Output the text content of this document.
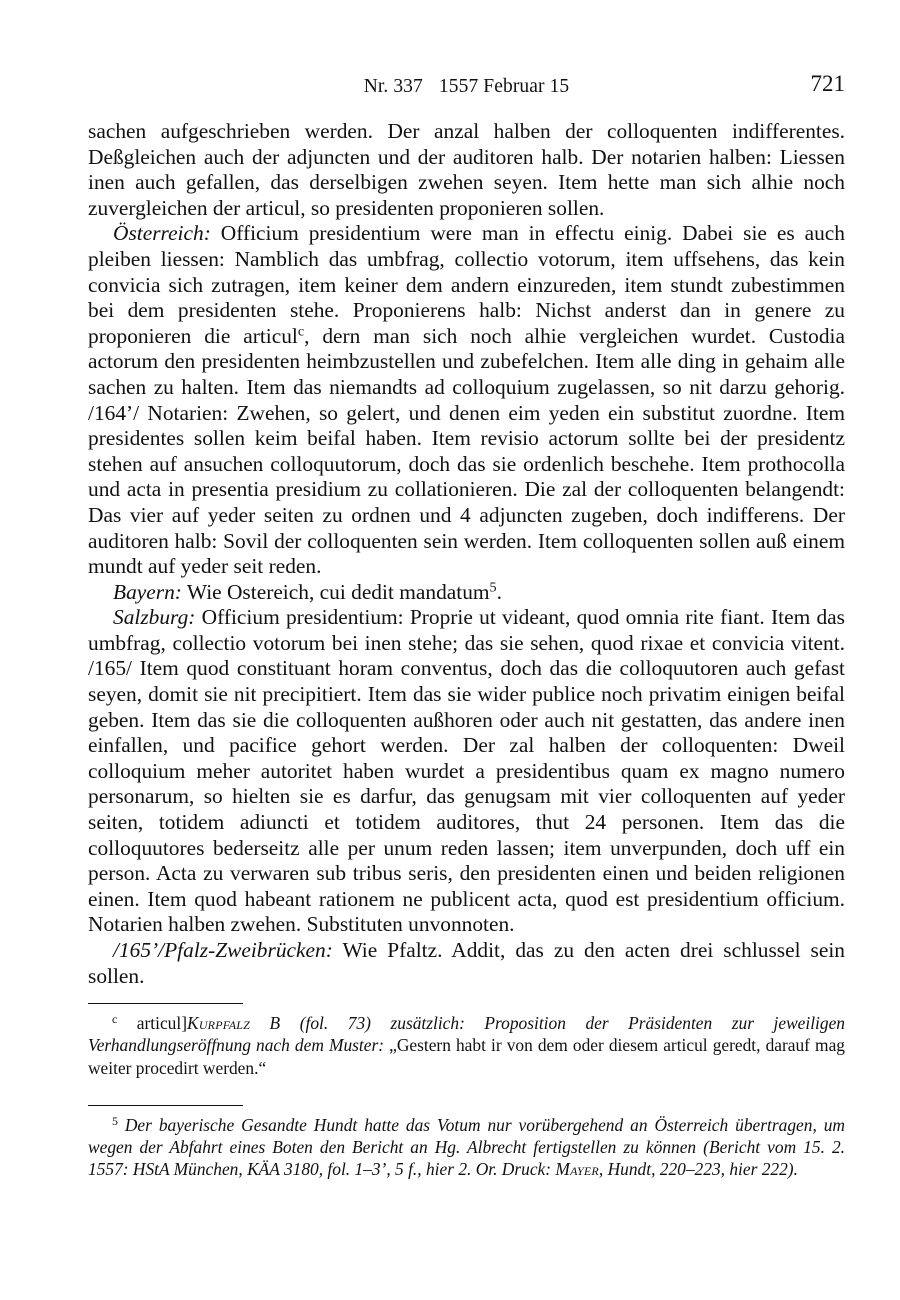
Nr. 337 1557 Februar 15	721

sachen aufgeschrieben werden. Der anzal halben der colloquenten indifferentes. Deßgleichen auch der adjuncten und der auditoren halb. Der notarien halben: Liessen inen auch gefallen, das derselbigen zwehen seyen. Item hette man sich alhie noch zuvergleichen der articul, so presidenten proponieren sollen.

Österreich: Officium presidentium were man in effectu einig. Dabei sie es auch pleiben liessen: Namblich das umbfrag, collectio votorum, item uffsehens, das kein convicia sich zutragen, item keiner dem andern einzureden, item stundt zubestimmen bei dem presidenten stehe. Proponierens halb: Nichst anderst dan in genere zu proponieren die articul$^c$, dern man sich noch alhie vergleichen wurdet. Custodia actorum den presidenten heimbzustellen und zubefelchen. Item alle ding in gehaim alle sachen zu halten. Item das niemandts ad colloquium zugelassen, so nit darzu gehorig. /164’/ Notarien: Zwehen, so gelert, und denen eim yeden ein substitut zuordne. Item presidentes sollen keim beifal haben. Item revisio actorum sollte bei der presidentz stehen auf ansuchen colloquutorum, doch das sie ordenlich beschehe. Item prothocolla und acta in presentia presidium zu collationieren. Die zal der colloquenten belangendt: Das vier auf yeder seiten zu ordnen und 4 adjuncten zugeben, doch indifferens. Der auditoren halb: Sovil der colloquenten sein werden. Item colloquenten sollen auß einem mundt auf yeder seit reden.

Bayern: Wie Ostereich, cui dedit mandatum$^5$.

Salzburg: Officium presidentium: Proprie ut videant, quod omnia rite fiant. Item das umbfrag, collectio votorum bei inen stehe; das sie sehen, quod rixae et convicia vitent. /165/ Item quod constituant horam conventus, doch das die colloquutoren auch gefast seyen, domit sie nit precipitiert. Item das sie wider publice noch privatim einigen beifal geben. Item das sie die colloquenten außhoren oder auch nit gestatten, das andere inen einfallen, und pacifice gehort werden. Der zal halben der colloquenten: Dweil colloquium meher autoritet haben wurdet a presidentibus quam ex magno numero personarum, so hielten sie es darfur, das genugsam mit vier colloquenten auf yeder seiten, totidem adiuncti et totidem auditores, thut 24 personen. Item das die colloquutores bederseitz alle per unum reden lassen; item unverpunden, doch uff ein person. Acta zu verwaren sub tribus seris, den presidenten einen und beiden religionen einen. Item quod habeant rationem ne publicent acta, quod est presidentium officium. Notarien halben zwehen. Substituten unvonnoten.

/165’/Pfalz-Zweibrücken: Wie Pfaltz. Addit, das zu den acten drei schlussel sein sollen.

$^c$ articul]Kurpfalz B (fol. 73) zusätzlich: Proposition der Präsidenten zur jeweiligen Verhandlungseröffnung nach dem Muster: „Gestern habt ir von dem oder diesem articul geredt, darauf mag weiter procedirt werden.“

$^5$ Der bayerische Gesandte Hundt hatte das Votum nur vorübergehend an Österreich übertragen, um wegen der Abfahrt eines Boten den Bericht an Hg. Albrecht fertigstellen zu können (Bericht vom 15. 2. 1557: HStA München, KÄA 3180, fol. 1–3’, 5 f., hier 2. Or. Druck: Mayer, Hundt, 220–223, hier 222).
